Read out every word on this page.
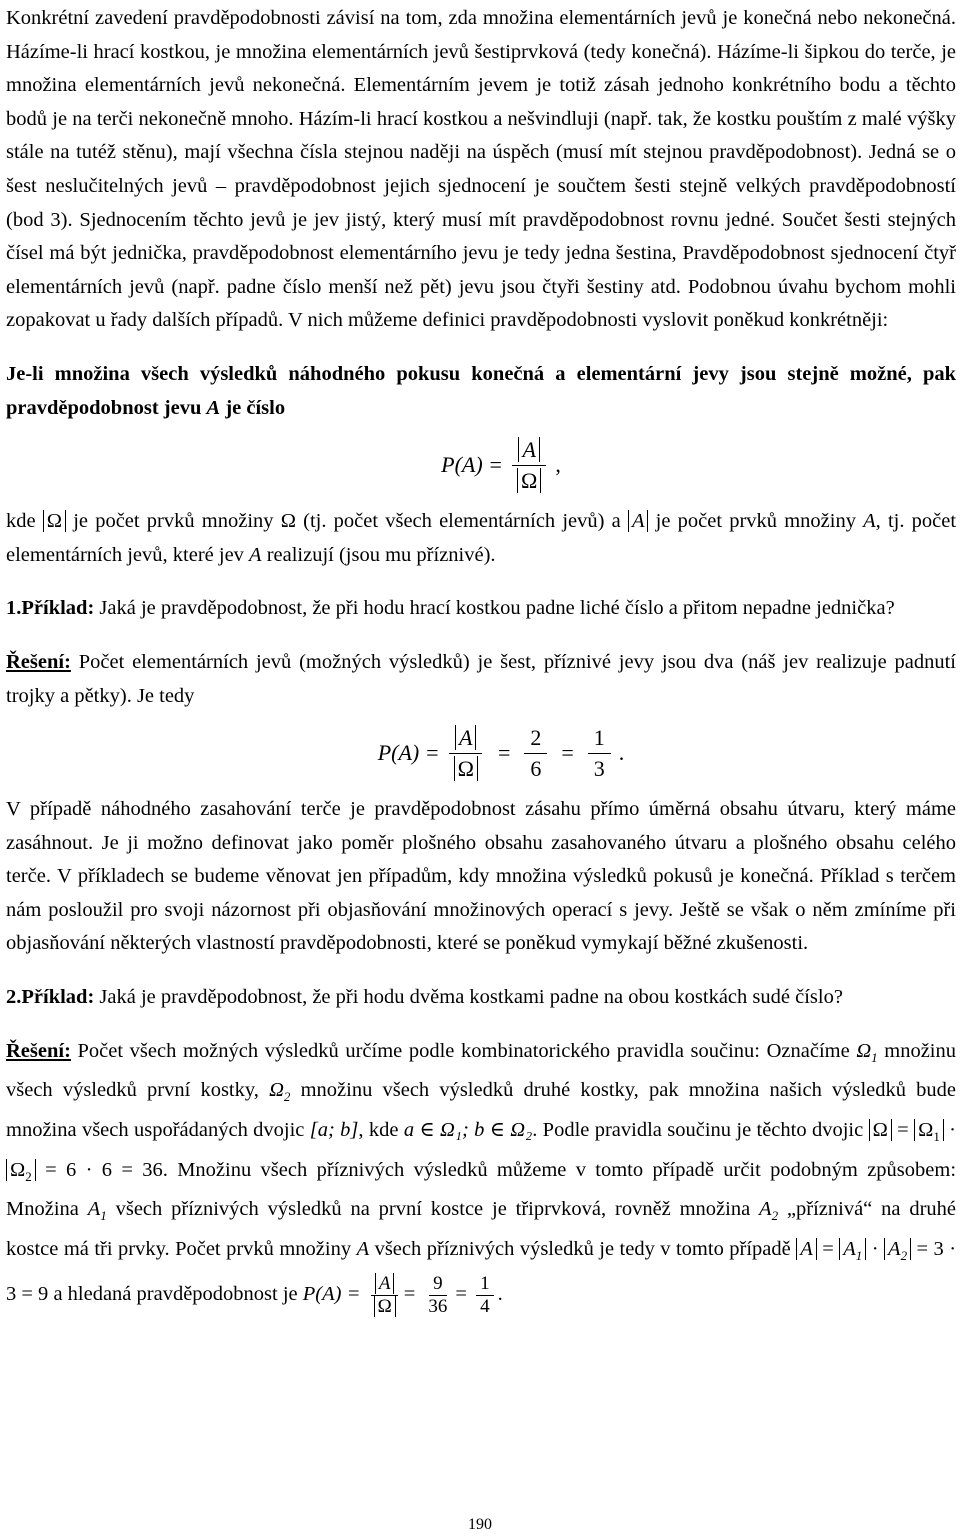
Konkrétní zavedení pravděpodobnosti závisí na tom, zda množina elementárních jevů je konečná nebo nekonečná. Házíme-li hrací kostkou, je množina elementárních jevů šestiprvková (tedy konečná). Házíme-li šipkou do terče, je množina elementárních jevů nekonečná. Elementárním jevem je totiž zásah jednoho konkrétního bodu a těchto bodů je na terči nekonečně mnoho. Házím-li hrací kostkou a nešvindluji (např. tak, že kostku pouštím z malé výšky stále na tutéž stěnu), mají všechna čísla stejnou naději na úspěch (musí mít stejnou pravděpodobnost). Jedná se o šest neslučitelných jevů – pravděpodobnost jejich sjednocení je součtem šesti stejně velkých pravděpodobností (bod 3). Sjednocením těchto jevů je jev jistý, který musí mít pravděpodobnost rovnu jedné. Součet šesti stejných čísel má být jednička, pravděpodobnost elementárního jevu je tedy jedna šestina, Pravděpodobnost sjednocení čtyř elementárních jevů (např. padne číslo menší než pět) jevu jsou čtyři šestiny atd. Podobnou úvahu bychom mohli zopakovat u řady dalších případů. V nich můžeme definici pravděpodobnosti vyslovit poněkud konkrétněji:

Je-li množina všech výsledků náhodného pokusu konečná a elementární jevy jsou stejně možné, pak pravděpodobnost jevu A je číslo

$P(A) = \frac{A}{\Omega}$ ,

kde Ω je počet prvků množiny Ω (tj. počet všech elementárních jevů) a A je počet prvků množiny A, tj. počet elementárních jevů, které jev A realizují (jsou mu příznivé).

1.Příklad: Jaká je pravděpodobnost, že při hodu hrací kostkou padne liché číslo a přitom nepadne jednička?

Řešení: Počet elementárních jevů (možných výsledků) je šest, příznivé jevy jsou dva (náš jev realizuje padnutí trojky a pětky). Je tedy

$P(A) = \frac{A}{\Omega} = \frac{2}{6} = \frac{1}{3}$ .

V případě náhodného zasahování terče je pravděpodobnost zásahu přímo úměrná obsahu útvaru, který máme zasáhnout. Je ji možno definovat jako poměr plošného obsahu zasahovaného útvaru a plošného obsahu celého terče. V příkladech se budeme věnovat jen případům, kdy množina výsledků pokusů je konečná. Příklad s terčem nám posloužil pro svoji názornost při objasňování množinových operací s jevy. Ještě se však o něm zmíníme při objasňování některých vlastností pravděpodobnosti, které se poněkud vymykají běžné zkušenosti.

2.Příklad: Jaká je pravděpodobnost, že při hodu dvěma kostkami padne na obou kostkách sudé číslo?

Řešení: Počet všech možných výsledků určíme podle kombinatorického pravidla součinu: Označíme $\Omega_1$ množinu všech výsledků první kostky, $\Omega_2$ množinu všech výsledků druhé kostky, pak množina našich výsledků bude množina všech uspořádaných dvojic [a; b], kde a ∈ Ω₁; b ∈ Ω₂. Podle pravidla součinu je těchto dvojic $\Omega = \Omega_1 \cdot \Omega_2 = 6 \cdot 6 = 36$. Množinu všech příznivých výsledků můžeme v tomto případě určit podobným způsobem: Množina $A_1$ všech příznivých výsledků na první kostce je třiprvková, rovněž množina $A_2$ „příznivá“ na druhé kostce má tři prvky. Počet prvků množiny A všech příznivých výsledků je tedy v tomto případě $A = A_1 \cdot A_2 = 3 \cdot 3 = 9$ a hledaná pravděpodobnost je $P(A) = \frac{A}{\Omega} = \frac{9}{36} = \frac{1}{4}$ .

190
